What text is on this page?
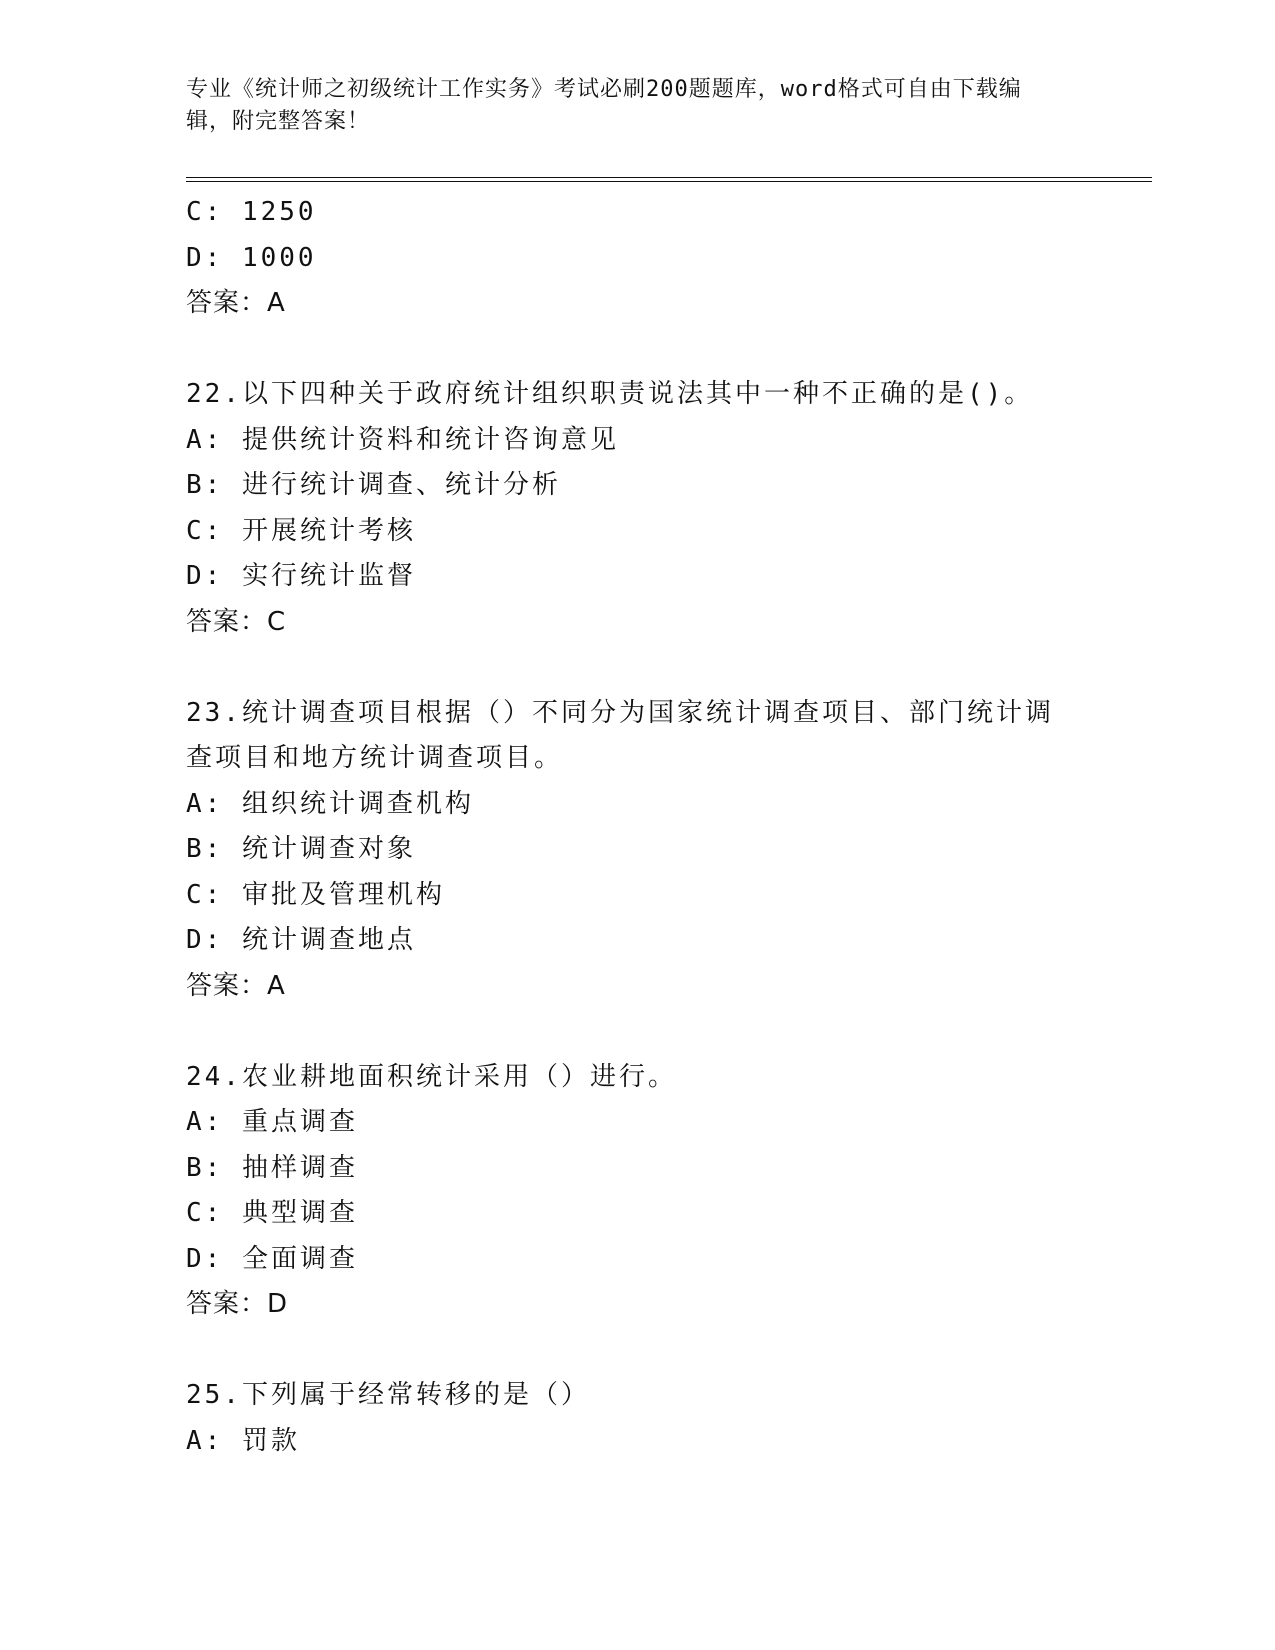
专业《统计师之初级统计工作实务》考试必刷200题题库，word格式可自由下载编辑，附完整答案！
C: 1250
D: 1000
答案：A
22.以下四种关于政府统计组织职责说法其中一种不正确的是()。
A: 提供统计资料和统计咨询意见
B: 进行统计调查、统计分析
C: 开展统计考核
D: 实行统计监督
答案：C
23.统计调查项目根据（）不同分为国家统计调查项目、部门统计调查项目和地方统计调查项目。
A: 组织统计调查机构
B: 统计调查对象
C: 审批及管理机构
D: 统计调查地点
答案：A
24.农业耕地面积统计采用（）进行。
A: 重点调查
B: 抽样调查
C: 典型调查
D: 全面调查
答案：D
25.下列属于经常转移的是（）
A: 罚款
